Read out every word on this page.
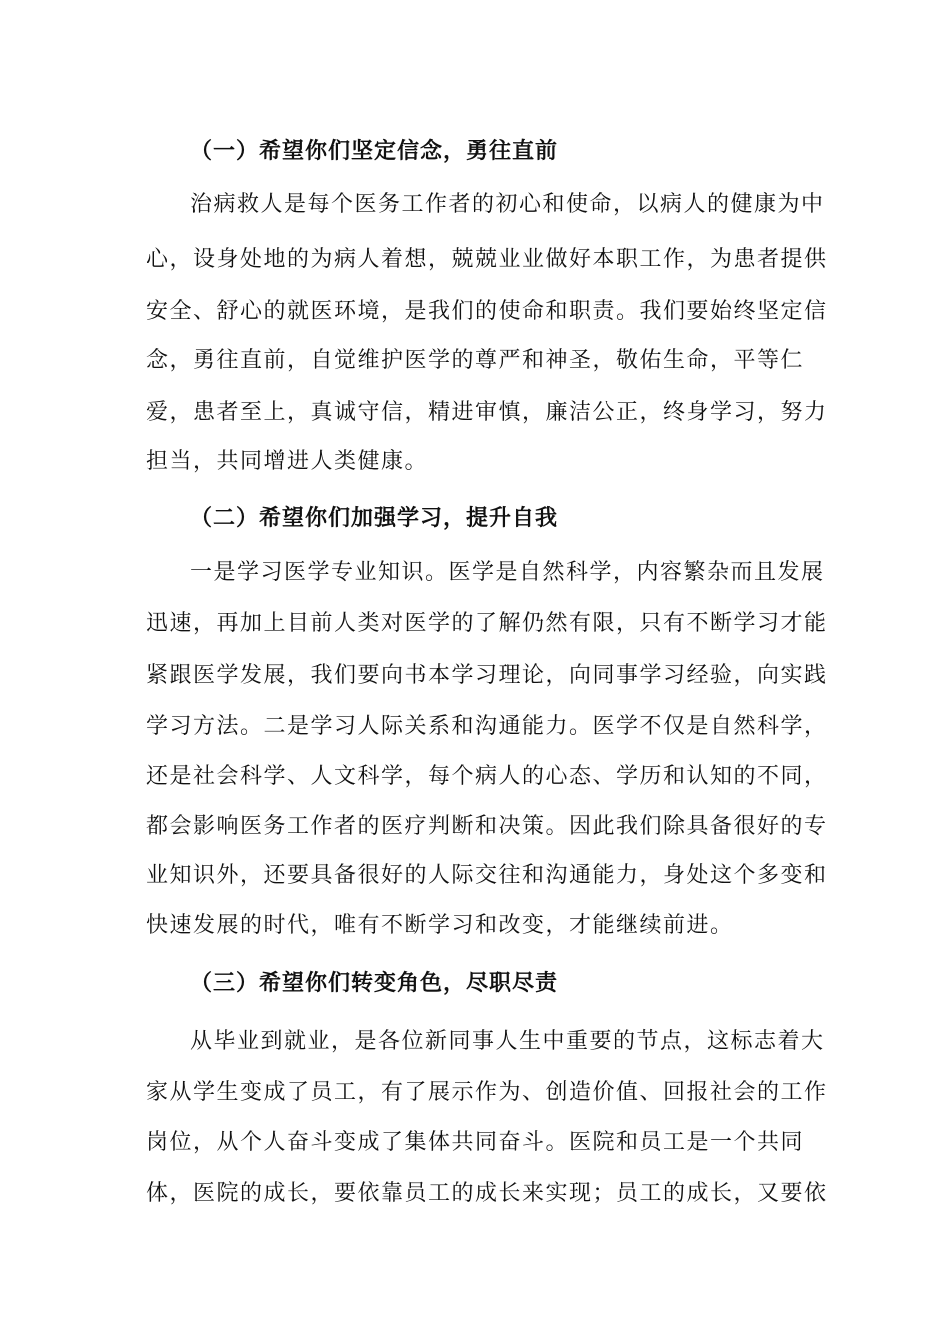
（一）希望你们坚定信念，勇往直前
治病救人是每个医务工作者的初心和使命，以病人的健康为中
心，设身处地的为病人着想，兢兢业业做好本职工作，为患者提供
安全、舒心的就医环境，是我们的使命和职责。我们要始终坚定信
念，勇往直前，自觉维护医学的尊严和神圣，敬佑生命，平等仁
爱，患者至上，真诚守信，精进审慎，廉洁公正，终身学习，努力
担当，共同增进人类健康。
（二）希望你们加强学习，提升自我
一是学习医学专业知识。医学是自然科学，内容繁杂而且发展
迅速，再加上目前人类对医学的了解仍然有限，只有不断学习才能
紧跟医学发展，我们要向书本学习理论，向同事学习经验，向实践
学习方法。二是学习人际关系和沟通能力。医学不仅是自然科学，
还是社会科学、人文科学，每个病人的心态、学历和认知的不同，
都会影响医务工作者的医疗判断和决策。因此我们除具备很好的专
业知识外，还要具备很好的人际交往和沟通能力，身处这个多变和
快速发展的时代，唯有不断学习和改变，才能继续前进。
（三）希望你们转变角色，尽职尽责
从毕业到就业，是各位新同事人生中重要的节点，这标志着大
家从学生变成了员工，有了展示作为、创造价值、回报社会的工作
岗位，从个人奋斗变成了集体共同奋斗。医院和员工是一个共同
体，医院的成长，要依靠员工的成长来实现；员工的成长，又要依
